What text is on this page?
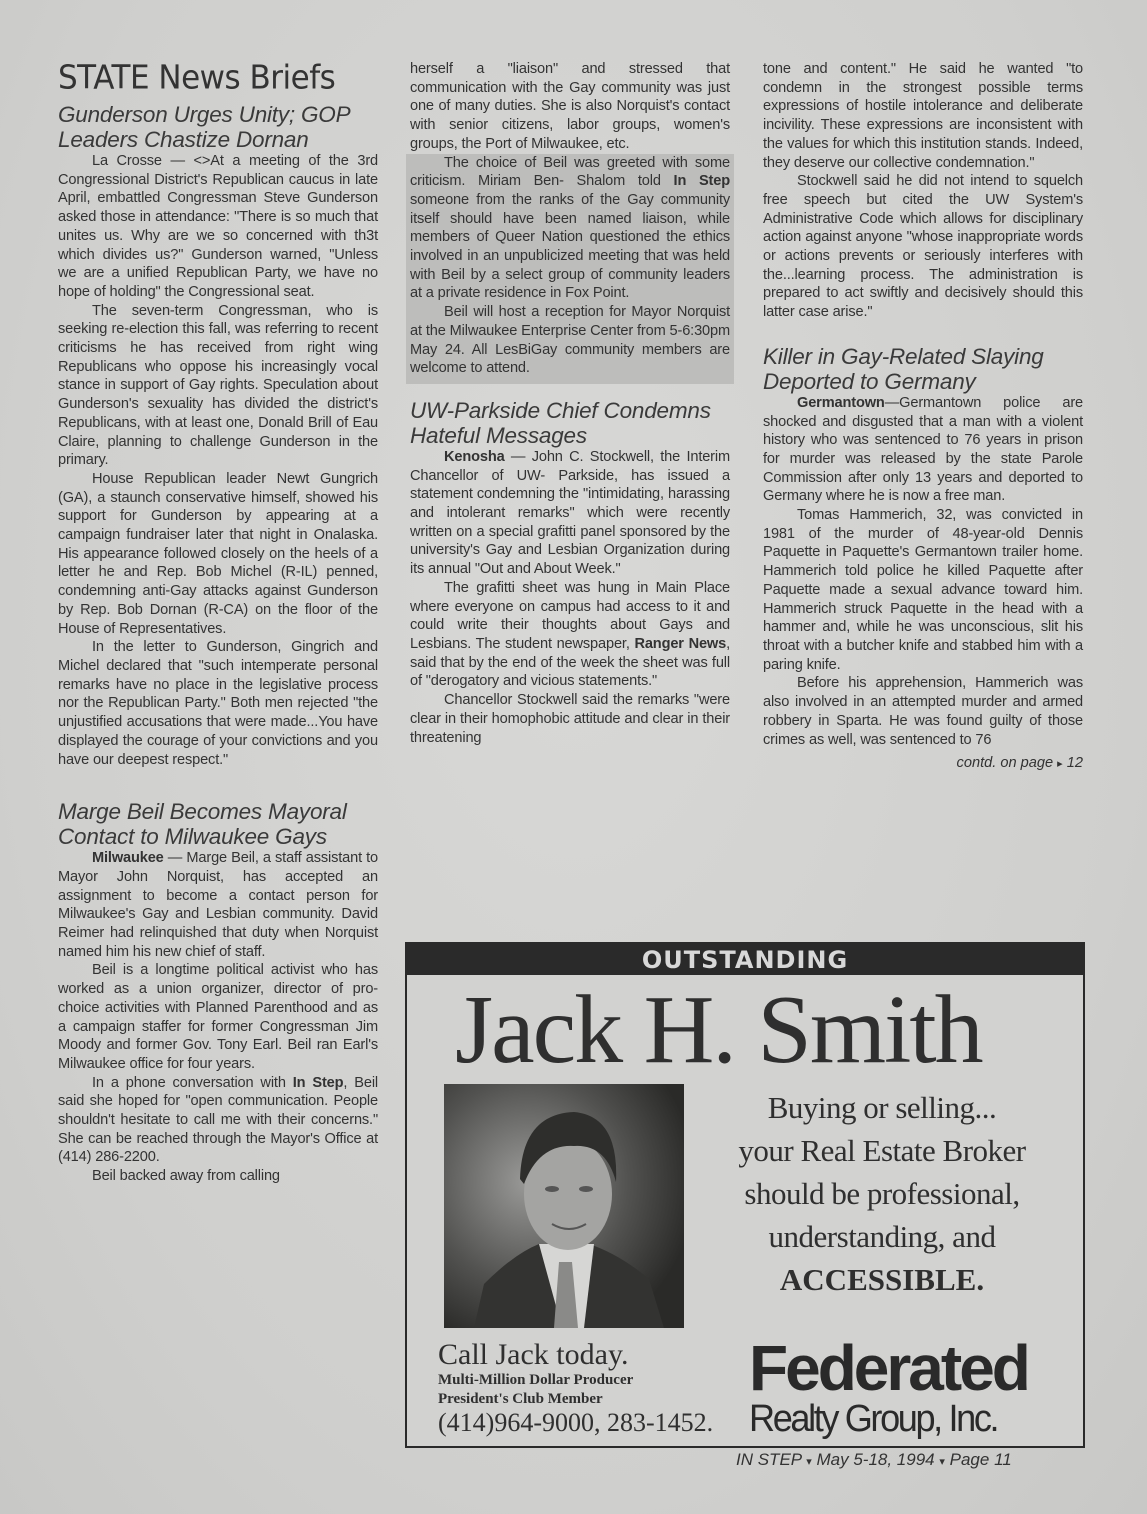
STATE News Briefs
Gunderson Urges Unity; GOP Leaders Chastize Dornan

La Crosse — <>At a meeting of the 3rd Congressional District's Republican caucus in late April, embattled Congressman Steve Gunderson asked those in attendance: "There is so much that unites us. Why are we so concerned with th3t which divides us?" Gunderson warned, "Unless we are a unified Republican Party, we have no hope of holding" the Congressional seat.

The seven-term Congressman, who is seeking re-election this fall, was referring to recent criticisms he has received from right wing Republicans who oppose his increasingly vocal stance in support of Gay rights. Speculation about Gunderson's sexuality has divided the district's Republicans, with at least one, Donald Brill of Eau Claire, planning to challenge Gunderson in the primary.

House Republican leader Newt Gungrich (GA), a staunch conservative himself, showed his support for Gunderson by appearing at a campaign fundraiser later that night in Onalaska. His appearance followed closely on the heels of a letter he and Rep. Bob Michel (R-IL) penned, condemning anti-Gay attacks against Gunderson by Rep. Bob Dornan (R-CA) on the floor of the House of Representatives.

In the letter to Gunderson, Gingrich and Michel declared that "such intemperate personal remarks have no place in the legislative process nor the Republican Party." Both men rejected "the unjustified accusations that were made...You have displayed the courage of your convictions and you have our deepest respect."

Marge Beil Becomes Mayoral Contact to Milwaukee Gays

Milwaukee — Marge Beil, a staff assistant to Mayor John Norquist, has accepted an assignment to become a contact person for Milwaukee's Gay and Lesbian community. David Reimer had relinquished that duty when Norquist named him his new chief of staff.

Beil is a longtime political activist who has worked as a union organizer, director of pro-choice activities with Planned Parenthood and as a campaign staffer for former Congressman Jim Moody and former Gov. Tony Earl. Beil ran Earl's Milwaukee office for four years.

In a phone conversation with In Step, Beil said she hoped for "open communication. People shouldn't hesitate to call me with their concerns." She can be reached through the Mayor's Office at (414) 286-2200.

Beil backed away from calling

herself a "liaison" and stressed that communication with the Gay community was just one of many duties. She is also Norquist's contact with senior citizens, labor groups, women's groups, the Port of Milwaukee, etc.

The choice of Beil was greeted with some criticism. Miriam Ben- Shalom told In Step someone from the ranks of the Gay community itself should have been named liaison, while members of Queer Nation questioned the ethics involved in an unpublicized meeting that was held with Beil by a select group of community leaders at a private residence in Fox Point.

Beil will host a reception for Mayor Norquist at the Milwaukee Enterprise Center from 5-6:30pm May 24. All LesBiGay community members are welcome to attend.

UW-Parkside Chief Condemns Hateful Messages

Kenosha — John C. Stockwell, the Interim Chancellor of UW- Parkside, has issued a statement condemning the "intimidating, harassing and intolerant remarks" which were recently written on a special grafitti panel sponsored by the university's Gay and Lesbian Organization during its annual "Out and About Week."

The grafitti sheet was hung in Main Place where everyone on campus had access to it and could write their thoughts about Gays and Lesbians. The student newspaper, Ranger News, said that by the end of the week the sheet was full of "derogatory and vicious statements."

Chancellor Stockwell said the remarks "were clear in their homophobic attitude and clear in their threatening

tone and content." He said he wanted "to condemn in the strongest possible terms expressions of hostile intolerance and deliberate incivility. These expressions are inconsistent with the values for which this institution stands. Indeed, they deserve our collective condemnation."

Stockwell said he did not intend to squelch free speech but cited the UW System's Administrative Code which allows for disciplinary action against anyone "whose inappropriate words or actions prevents or seriously interferes with the...learning process. The administration is prepared to act swiftly and decisively should this latter case arise."

Killer in Gay-Related Slaying Deported to Germany

Germantown—Germantown police are shocked and disgusted that a man with a violent history who was sentenced to 76 years in prison for murder was released by the state Parole Commission after only 13 years and deported to Germany where he is now a free man.

Tomas Hammerich, 32, was convicted in 1981 of the murder of 48-year-old Dennis Paquette in Paquette's Germantown trailer home. Hammerich told police he killed Paquette after Paquette made a sexual advance toward him. Hammerich struck Paquette in the head with a hammer and, while he was unconscious, slit his throat with a butcher knife and stabbed him with a paring knife.

Before his apprehension, Hammerich was also involved in an attempted murder and armed robbery in Sparta. He was found guilty of those crimes as well, was sentenced to 76

contd. on page ▸ 12
OUTSTANDING
Jack H. Smith
Buying or selling...
your Real Estate Broker
should be professional,
understanding, and
ACCESSIBLE.
Call Jack today.
Multi-Million Dollar Producer
President's Club Member
(414)964-9000, 283-1452.
Federated
Realty Group, Inc.
IN STEP ▾ May 5-18, 1994 ▾ Page 11
